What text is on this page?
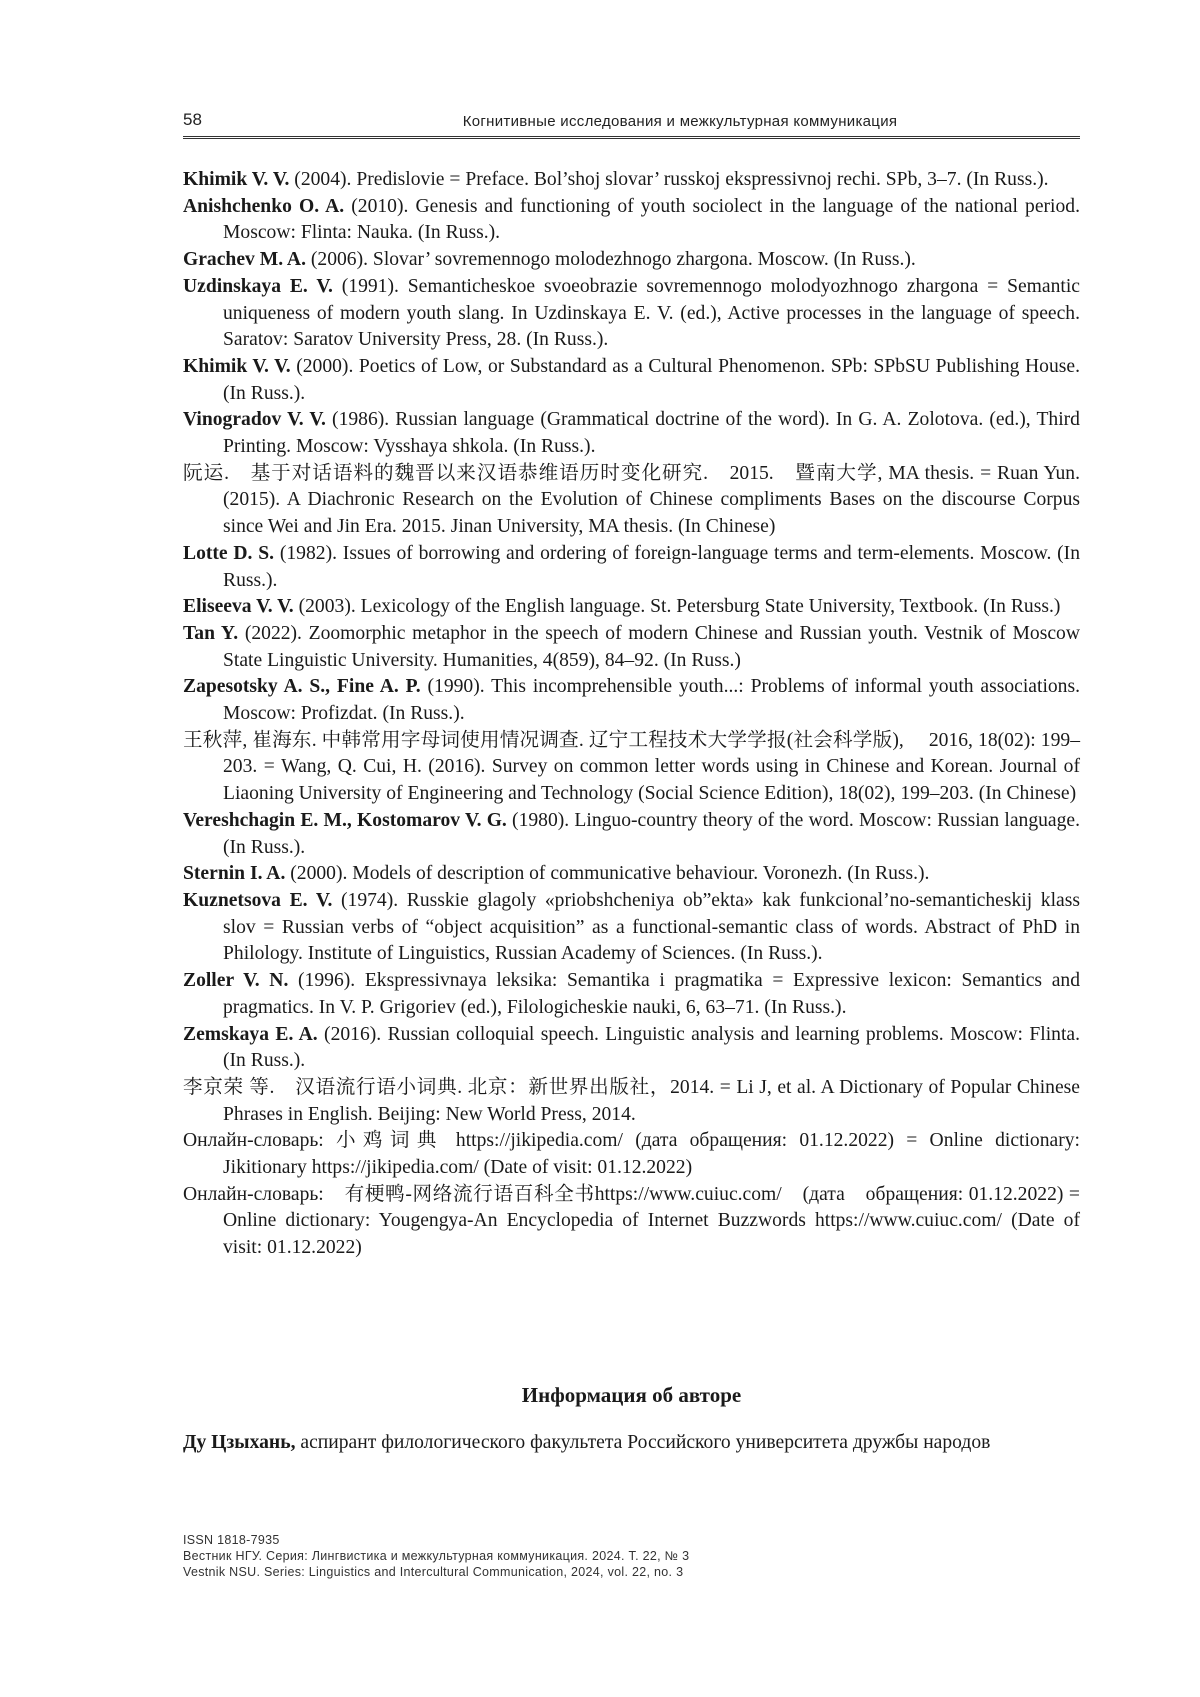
58	Когнитивные исследования и межкультурная коммуникация

Khimik V. V. (2004). Predislovie = Preface. Bol’shoj slovar’ russkoj ekspressivnoj rechi. SPb, 3–7. (In Russ.).

Anishchenko O. A. (2010). Genesis and functioning of youth sociolect in the language of the national period. Moscow: Flinta: Nauka. (In Russ.).

Grachev M. A. (2006). Slovar’ sovremennogo molodezhnogo zhargona. Moscow. (In Russ.).

Uzdinskaya E. V. (1991). Semanticheskoe svoeobrazie sovremennogo molodyozhnogo zhargona = Semantic uniqueness of modern youth slang. In Uzdinskaya E. V. (ed.), Active processes in the language of speech. Saratov: Saratov University Press, 28. (In Russ.).

Khimik V. V. (2000). Poetics of Low, or Substandard as a Cultural Phenomenon. SPb: SPbSU Publishing House. (In Russ.).

Vinogradov V. V. (1986). Russian language (Grammatical doctrine of the word). In G. A. Zolotova. (ed.), Third Printing. Moscow: Vysshaya shkola. (In Russ.).

阮运.　基于对话语料的魏晋以来汉语恭维语历时变化研究.　2015.　暨南大学, MA thesis. = Ruan Yun. (2015). A Diachronic Research on the Evolution of Chinese compliments Bases on the discourse Corpus since Wei and Jin Era. 2015. Jinan University, MA thesis. (In Chinese)

Lotte D. S. (1982). Issues of borrowing and ordering of foreign-language terms and term-elements. Moscow. (In Russ.).

Eliseeva V. V. (2003). Lexicology of the English language. St. Petersburg State University, Textbook. (In Russ.)

Tan Y. (2022). Zoomorphic metaphor in the speech of modern Chinese and Russian youth. Vestnik of Moscow State Linguistic University. Humanities, 4(859), 84–92. (In Russ.)

Zapesotsky A. S., Fine A. P. (1990). This incomprehensible youth...: Problems of informal youth associations. Moscow: Profizdat. (In Russ.).

王秋萍, 崔海东. 中韩常用字母词使用情况调查. 辽宁工程技术大学学报(社会科学版),　 2016, 18(02): 199–203. = Wang, Q. Cui, H. (2016). Survey on common letter words using in Chinese and Korean. Journal of Liaoning University of Engineering and Technology (Social Science Edition), 18(02), 199–203. (In Chinese)

Vereshchagin E. M., Kostomarov V. G. (1980). Linguo-country theory of the word. Moscow: Russian language. (In Russ.).

Sternin I. A. (2000). Models of description of communicative behaviour. Voronezh. (In Russ.).

Kuznetsova E. V. (1974). Russkie glagoly «priobshcheniya ob”ekta» kak funkcional’no-semanticheskij klass slov = Russian verbs of “object acquisition” as a functional-semantic class of words. Abstract of PhD in Philology. Institute of Linguistics, Russian Academy of Sciences. (In Russ.).

Zoller V. N. (1996). Ekspressivnaya leksika: Semantika i pragmatika = Expressive lexicon: Semantics and pragmatics. In V. P. Grigoriev (ed.), Filologicheskie nauki, 6, 63–71. (In Russ.).

Zemskaya E. A. (2016). Russian colloquial speech. Linguistic analysis and learning problems. Moscow: Flinta. (In Russ.).

李京荣 等.　汉语流行语小词典. 北京：新世界出版社，2014. = Li J, et al. A Dictionary of Popular Chinese Phrases in English. Beijing: New World Press, 2014.

Онлайн-словарь: 小鸡词典 https://jikipedia.com/ (дата обращения: 01.12.2022) = Online dictionary: Jikitionary https://jikipedia.com/ (Date of visit: 01.12.2022)

Онлайн-словарь:　有梗鸭-网络流行语百科全书https://www.cuiuc.com/　(дата　обращения: 01.12.2022) = Online dictionary: Yougengya-An Encyclopedia of Internet Buzzwords https://www.cuiuc.com/ (Date of visit: 01.12.2022)

Информация об авторе

Ду Цзыхань, аспирант филологического факультета Российского университета дружбы народов

ISSN 1818-7935
Вестник НГУ. Серия: Лингвистика и межкультурная коммуникация. 2024. Т. 22, № 3
Vestnik NSU. Series: Linguistics and Intercultural Communication, 2024, vol. 22, no. 3
